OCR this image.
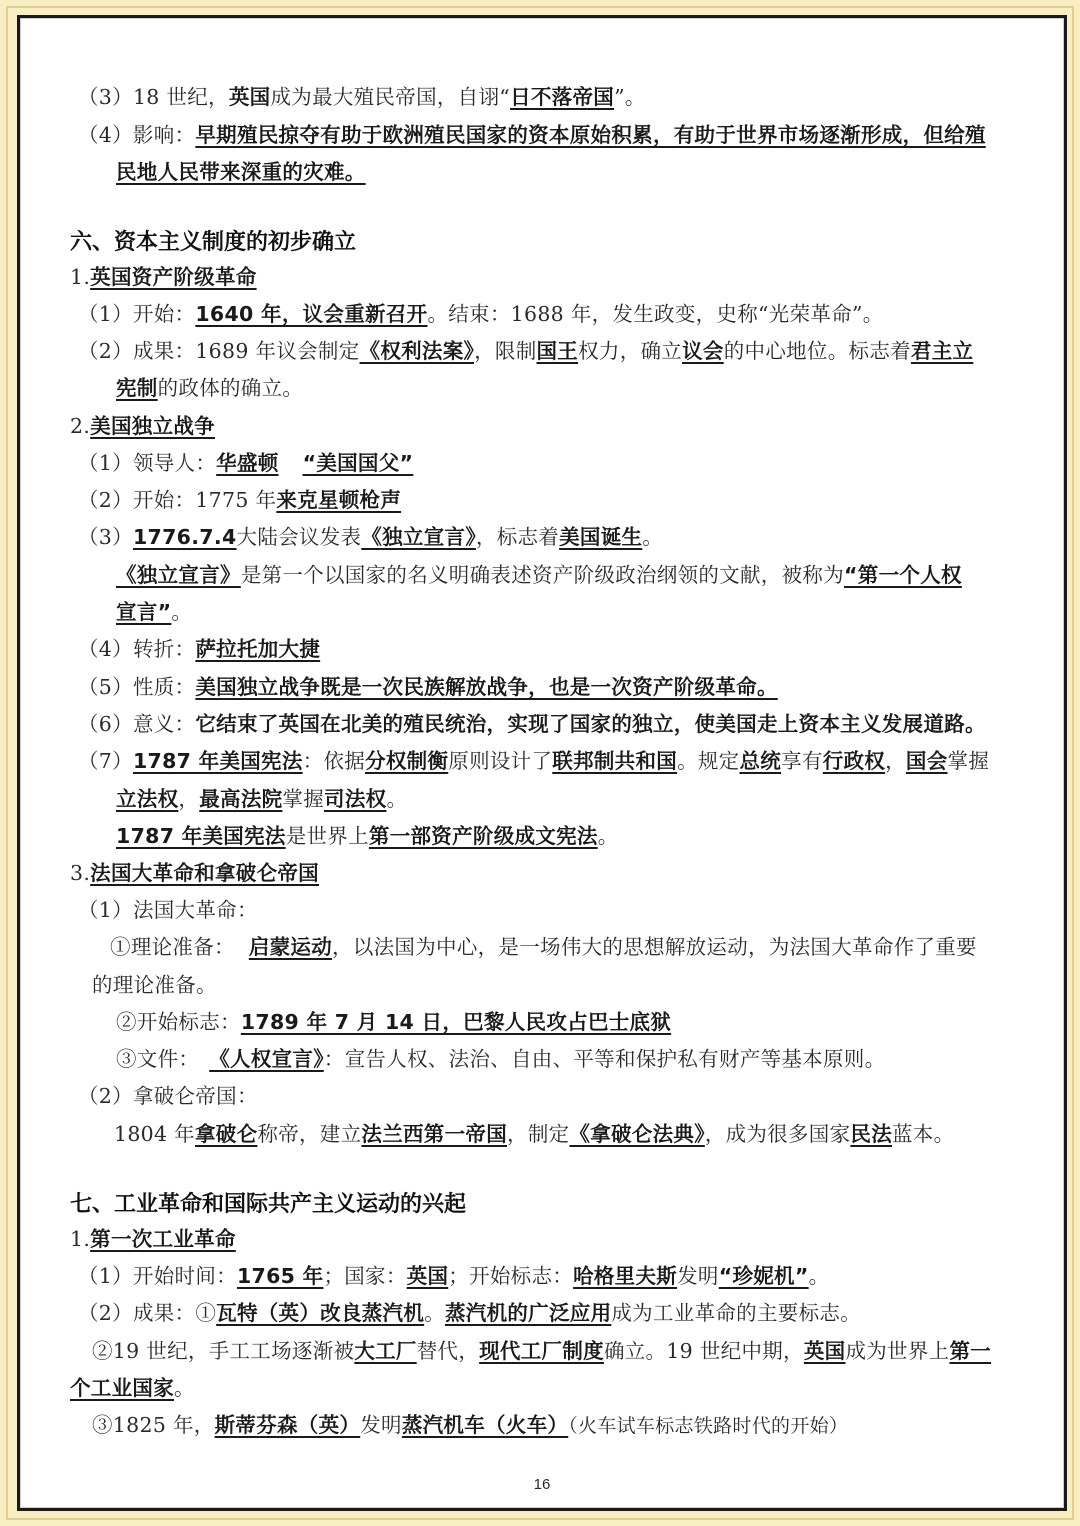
（3）18 世纪，英国成为最大殖民帝国，自诩“日不落帝国”。
（4）影响：早期殖民掠夺有助于欧洲殖民国家的资本原始积累，有助于世界市场逐渐形成，但给殖
民地人民带来深重的灾难。
六、资本主义制度的初步确立
1.英国资产阶级革命
（1）开始：1640 年，议会重新召开。结束：1688 年，发生政变，史称“光荣革命”。
（2）成果：1689 年议会制定《权利法案》，限制国王权力，确立议会的中心地位。标志着君主立
宪制的政体的确立。
2.美国独立战争
（1）领导人：华盛顿 “美国国父”
（2）开始：1775 年来克星顿枪声
（3）1776.7.4大陆会议发表《独立宣言》，标志着美国诞生。
《独立宣言》是第一个以国家的名义明确表述资产阶级政治纲领的文献，被称为“第一个人权
宣言”。
（4）转折：萨拉托加大捷
（5）性质：美国独立战争既是一次民族解放战争，也是一次资产阶级革命。
（6）意义：它结束了英国在北美的殖民统治，实现了国家的独立，使美国走上资本主义发展道路。
（7）1787 年美国宪法：依据分权制衡原则设计了联邦制共和国。规定总统享有行政权，国会掌握
立法权，最高法院掌握司法权。
1787 年美国宪法是世界上第一部资产阶级成文宪法。
3.法国大革命和拿破仑帝国
（1）法国大革命：
①理论准备： 启蒙运动，以法国为中心，是一场伟大的思想解放运动，为法国大革命作了重要
的理论准备。
②开始标志：1789 年 7 月 14 日，巴黎人民攻占巴士底狱
③文件： 《人权宣言》：宣告人权、法治、自由、平等和保护私有财产等基本原则。
（2）拿破仑帝国：
1804 年拿破仑称帝，建立法兰西第一帝国，制定《拿破仑法典》，成为很多国家民法蓝本。
七、工业革命和国际共产主义运动的兴起
1.第一次工业革命
（1）开始时间：1765 年；国家：英国；开始标志：哈格里夫斯发明“珍妮机”。
（2）成果：①瓦特（英）改良蒸汽机。蒸汽机的广泛应用成为工业革命的主要标志。
②19 世纪，手工工场逐渐被大工厂替代，现代工厂制度确立。19 世纪中期，英国成为世界上第一
个工业国家。
③1825 年，斯蒂芬森（英）发明蒸汽机车（火车）（火车试车标志铁路时代的开始）
16
